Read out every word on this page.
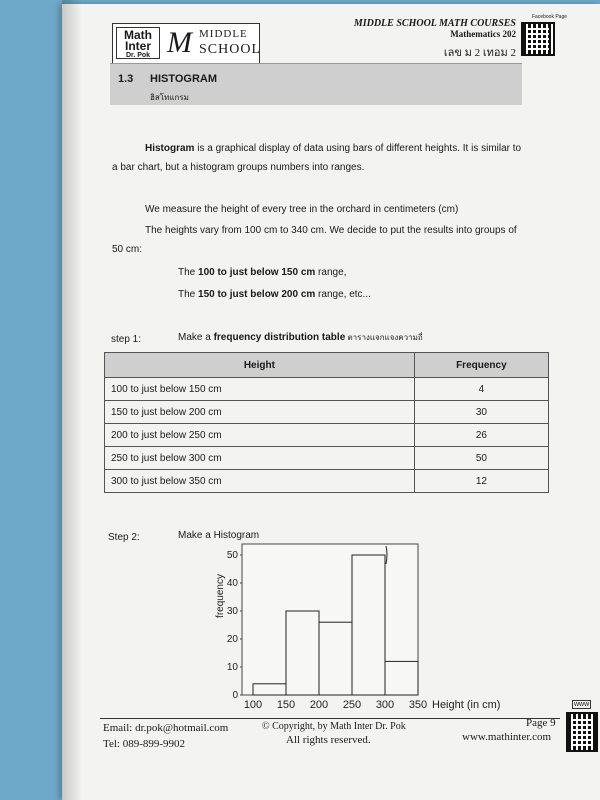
Math
Inter
Dr. Pok M MIDDLE
SCHOOL
MIDDLE SCHOOL MATH COURSES
Mathematics 202
เลข ม 2 เทอม 2
Facebook Page
1.3 HISTOGRAM
ฮิสโทแกรม
Histogram is a graphical display of data using bars of different heights. It is similar to
a bar chart, but a histogram groups numbers into ranges.
We measure the height of every tree in the orchard in centimeters (cm)
The heights vary from 100 cm to 340 cm. We decide to put the results into groups of
50 cm:
The 100 to just below 150 cm range,
The 150 to just below 200 cm range, etc...
step 1:	Make a frequency distribution table ตารางแจกแจงความถี่
Height	Frequency
100 to just below 150 cm	4
150 to just below 200 cm	30
200 to just below 250 cm	26
250 to just below 300 cm	50
300 to just below 350 cm	12
Step 2:	Make a Histogram
0
10
20
30
40
50
100 150 200 250 300 350
frequency
Height (in cm)
Email: dr.pok@hotmail.com
Tel: 089-899-9902
© Copyright, by Math Inter Dr. Pok
All rights reserved.
Page 9
www.mathinter.com
www
